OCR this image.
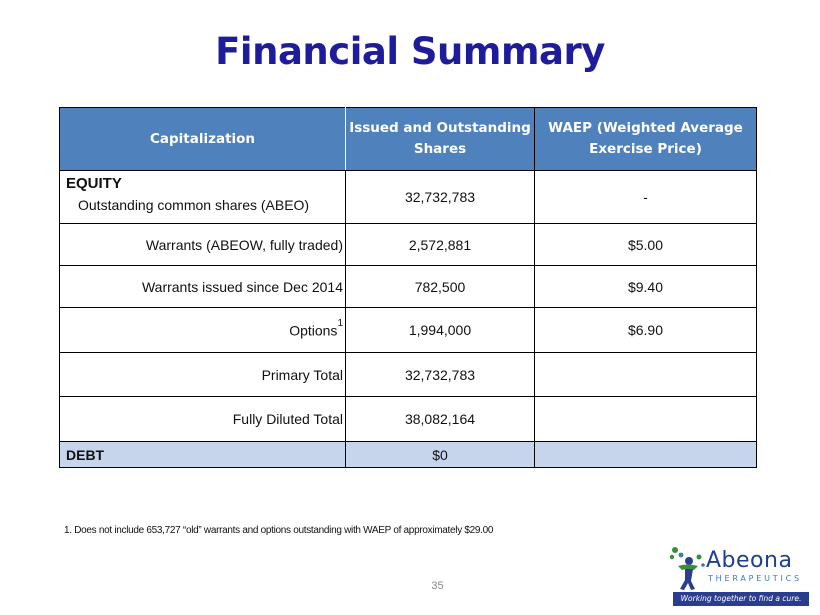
Financial Summary
Capitalization	Issued and Outstanding Shares	WAEP (Weighted Average Exercise Price)

EQUITY
Outstanding common shares (ABEO)	32,732,783	-
Warrants (ABEOW, fully traded)	2,572,881	$5.00
Warrants issued since Dec 2014	782,500	$9.40
Options$^1$	1,994,000	$6.90
Primary Total	32,732,783	
Fully Diluted Total	38,082,164	
DEBT	$0	
1. Does not include 653,727 “old” warrants and options outstanding with WAEP of approximately $29.00
35
Abeona
THERAPEUTICS
Working together to find a cure.
